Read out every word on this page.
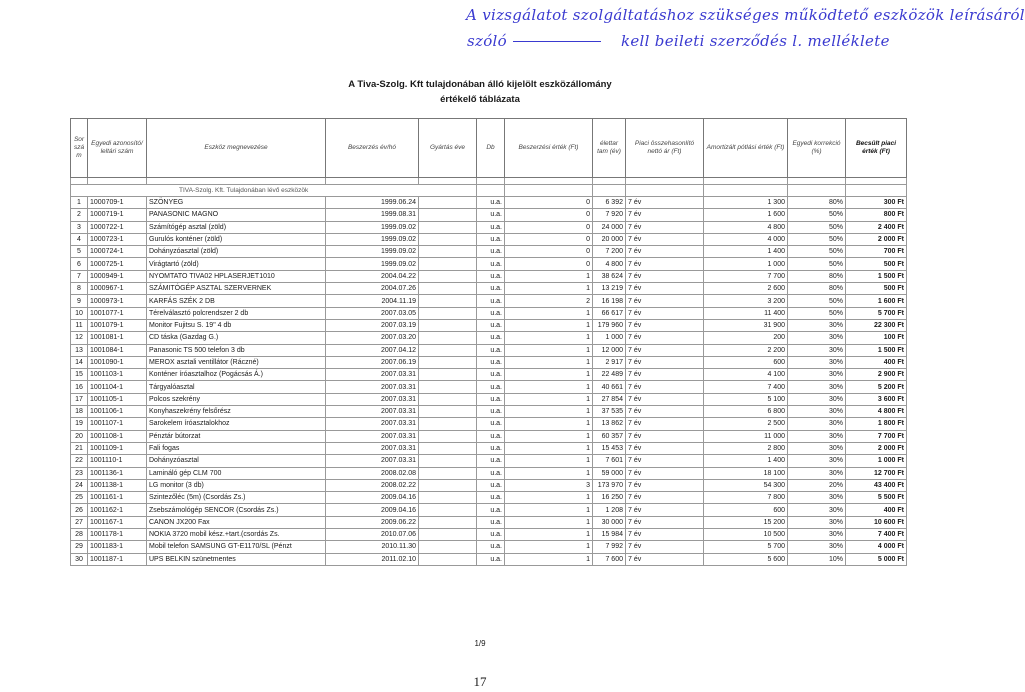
A vizsgálatot szolgáltatáshoz szükséges működtető eszközök leírásáról
szóló	kell beileti szerződés l. melléklete
A Tiva-Szolg. Kft tulajdonában álló kijelölt eszközállomány
értékelő táblázata
Sor szá m	Egyedi azonosító/ leltári szám	Eszköz megnevezése	Beszerzés év/hó	Gyártás éve	Db	Beszerzési érték (Ft)	élettar tam (év)	Piaci összehasonlító nettó ár (Ft)	Amortizált pótlási érték (Ft)	Egyedi korrekció (%)	Becsült piaci érték (Ft)

TIVA-Szolg. Kft. Tulajdonában lévő eszközök											
1	1000709-1	SZÖNYEG	1999.06.24		u.a.	0	6 392	7 év	1 300	80%	300 Ft
2	1000719-1	PANASONIC MAGNO	1999.08.31		u.a.	0	7 920	7 év	1 600	50%	800 Ft
3	1000722-1	Számítógép asztal (zöld)	1999.09.02		u.a.	0	24 000	7 év	4 800	50%	2 400 Ft
4	1000723-1	Gurulós konténer (zöld)	1999.09.02		u.a.	0	20 000	7 év	4 000	50%	2 000 Ft
5	1000724-1	Dohányzóasztal (zöld)	1999.09.02		u.a.	0	7 200	7 év	1 400	50%	700 Ft
6	1000725-1	Virágtartó (zöld)	1999.09.02		u.a.	0	4 800	7 év	1 000	50%	500 Ft
7	1000949-1	NYOMTATO TIVA02 HPLASERJET1010	2004.04.22		u.a.	1	38 624	7 év	7 700	80%	1 500 Ft
8	1000967-1	SZÁMITÓGÉP ASZTAL SZERVERNEK	2004.07.26		u.a.	1	13 219	7 év	2 600	80%	500 Ft
9	1000973-1	KARFÁS SZÉK 2 DB	2004.11.19		u.a.	2	16 198	7 év	3 200	50%	1 600 Ft
10	1001077-1	Térelválasztó polcrendszer 2 db	2007.03.05		u.a.	1	66 617	7 év	11 400	50%	5 700 Ft
11	1001079-1	Monitor Fujitsu S. 19" 4 db	2007.03.19		u.a.	1	179 960	7 év	31 900	30%	22 300 Ft
12	1001081-1	CD táska (Gazdag G.)	2007.03.20		u.a.	1	1 000	7 év	200	30%	100 Ft
13	1001084-1	Panasonic TS 500 telefon 3 db	2007.04.12		u.a.	1	12 000	7 év	2 200	30%	1 500 Ft
14	1001090-1	MEROX asztali ventillátor (Ráczné)	2007.06.19		u.a.	1	2 917	7 év	600	30%	400 Ft
15	1001103-1	Konténer íróasztalhoz (Pogácsás Á.)	2007.03.31		u.a.	1	22 489	7 év	4 100	30%	2 900 Ft
16	1001104-1	Tárgyalóasztal	2007.03.31		u.a.	1	40 661	7 év	7 400	30%	5 200 Ft
17	1001105-1	Polcos szekrény	2007.03.31		u.a.	1	27 854	7 év	5 100	30%	3 600 Ft
18	1001106-1	Konyhaszekrény felsőrész	2007.03.31		u.a.	1	37 535	7 év	6 800	30%	4 800 Ft
19	1001107-1	Sarokelem íróasztalokhoz	2007.03.31		u.a.	1	13 862	7 év	2 500	30%	1 800 Ft
20	1001108-1	Pénztár bútorzat	2007.03.31		u.a.	1	60 357	7 év	11 000	30%	7 700 Ft
21	1001109-1	Fali fogas	2007.03.31		u.a.	1	15 453	7 év	2 800	30%	2 000 Ft
22	1001110-1	Dohányzóasztal	2007.03.31		u.a.	1	7 601	7 év	1 400	30%	1 000 Ft
23	1001136-1	Lamináló gép CLM 700	2008.02.08		u.a.	1	59 000	7 év	18 100	30%	12 700 Ft
24	1001138-1	LG monitor (3 db)	2008.02.22		u.a.	3	173 970	7 év	54 300	20%	43 400 Ft
25	1001161-1	Szintezőléc (5m) (Csordás Zs.)	2009.04.16		u.a.	1	16 250	7 év	7 800	30%	5 500 Ft
26	1001162-1	Zsebszámológép SENCOR (Csordás Zs.)	2009.04.16		u.a.	1	1 208	7 év	600	30%	400 Ft
27	1001167-1	CANON JX200 Fax	2009.06.22		u.a.	1	30 000	7 év	15 200	30%	10 600 Ft
28	1001178-1	NOKIA 3720 mobil kész.+tart.(csordás Zs.	2010.07.06		u.a.	1	15 984	7 év	10 500	30%	7 400 Ft
29	1001183-1	Mobil telefon SAMSUNG GT-E1170/SL (Pénzt	2010.11.30		u.a.	1	7 992	7 év	5 700	30%	4 000 Ft
30	1001187-1	UPS BELKIN szünetmentes	2011.02.10		u.a.	1	7 600	7 év	5 600	10%	5 000 Ft
1/9
17
